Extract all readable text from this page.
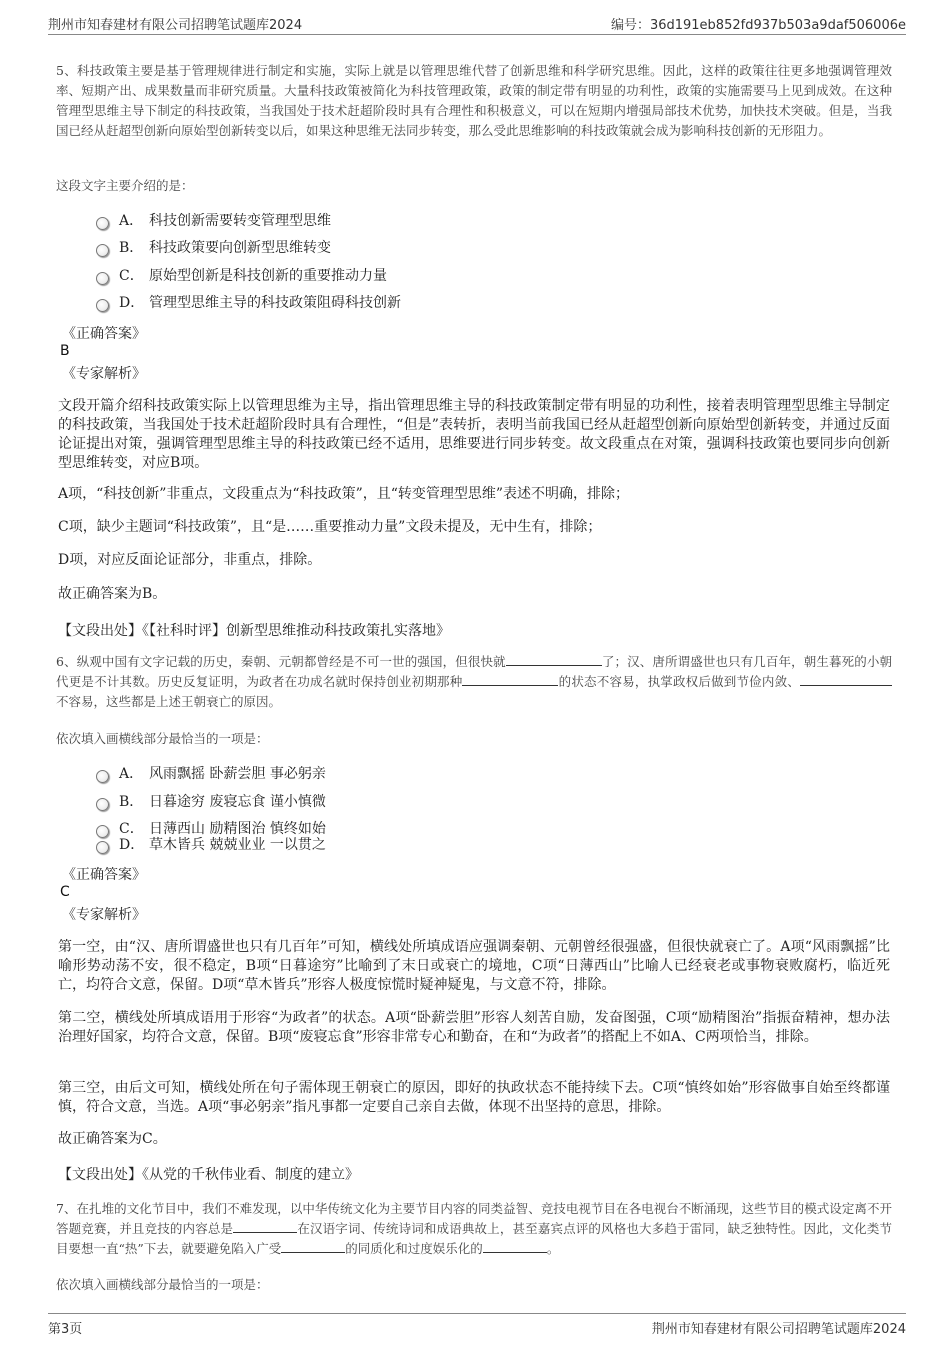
荆州市知春建材有限公司招聘笔试题库2024	编号：36d191eb852fd937b503a9daf506006e
5、科技政策主要是基于管理规律进行制定和实施，实际上就是以管理思维代替了创新思维和科学研究思维。因此，这样的政策往往更多地强调管理效率、短期产出、成果数量而非研究质量。大量科技政策被简化为科技管理政策，政策的制定带有明显的功利性，政策的实施需要马上见到成效。在这种管理型思维主导下制定的科技政策，当我国处于技术赶超阶段时具有合理性和积极意义，可以在短期内增强局部技术优势，加快技术突破。但是，当我国已经从赶超型创新向原始型创新转变以后，如果这种思维无法同步转变，那么受此思维影响的科技政策就会成为影响科技创新的无形阻力。
这段文字主要介绍的是：
A． 科技创新需要转变管理型思维
B． 科技政策要向创新型思维转变
C． 原始型创新是科技创新的重要推动力量
D． 管理型思维主导的科技政策阻碍科技创新
《正确答案》
B
《专家解析》
文段开篇介绍科技政策实际上以管理思维为主导，指出管理思维主导的科技政策制定带有明显的功利性，接着表明管理型思维主导制定的科技政策，当我国处于技术赶超阶段时具有合理性，“但是”表转折，表明当前我国已经从赶超型创新向原始型创新转变，并通过反面论证提出对策，强调管理型思维主导的科技政策已经不适用，思维要进行同步转变。故文段重点在对策，强调科技政策也要同步向创新型思维转变，对应B项。
A项，“科技创新”非重点，文段重点为“科技政策”，且“转变管理型思维”表述不明确，排除；
C项，缺少主题词“科技政策”，且“是……重要推动力量”文段未提及，无中生有，排除；
D项，对应反面论证部分，非重点，排除。
故正确答案为B。
【文段出处】《【社科时评】创新型思维推动科技政策扎实落地》
6、纵观中国有文字记载的历史，秦朝、元朝都曾经是不可一世的强国，但很快就	了；汉、唐所谓盛世也只有几百年，朝生暮死的小朝代更是不计其数。历史反复证明，为政者在功成名就时保持创业初期那种	的状态不容易，执掌政权后做到节俭内敛、不容易，这些都是上述王朝衰亡的原因。
依次填入画横线部分最恰当的一项是：
A． 风雨飘摇 卧薪尝胆 事必躬亲
B． 日暮途穷 废寝忘食 谨小慎微
C． 日薄西山 励精图治 慎终如始
D． 草木皆兵 兢兢业业 一以贯之
《正确答案》
C
《专家解析》
第一空，由“汉、唐所谓盛世也只有几百年”可知，横线处所填成语应强调秦朝、元朝曾经很强盛，但很快就衰亡了。A项“风雨飘摇”比喻形势动荡不安，很不稳定，B项“日暮途穷”比喻到了末日或衰亡的境地，C项“日薄西山”比喻人已经衰老或事物衰败腐朽，临近死亡，均符合文意，保留。D项“草木皆兵”形容人极度惊慌时疑神疑鬼，与文意不符，排除。
第二空，横线处所填成语用于形容“为政者”的状态。A项“卧薪尝胆”形容人刻苦自励，发奋图强，C项“励精图治”指振奋精神，想办法治理好国家，均符合文意，保留。B项“废寝忘食”形容非常专心和勤奋，在和“为政者”的搭配上不如A、C两项恰当，排除。
第三空，由后文可知，横线处所在句子需体现王朝衰亡的原因，即好的执政状态不能持续下去。C项“慎终如始”形容做事自始至终都谨慎，符合文意，当选。A项“事必躬亲”指凡事都一定要自己亲自去做，体现不出坚持的意思，排除。
故正确答案为C。
【文段出处】《从党的千秋伟业看、制度的建立》
7、在扎堆的文化节目中，我们不难发现，以中华传统文化为主要节目内容的同类益智、竞技电视节目在各电视台不断涌现，这些节目的模式设定离不开答题竞赛，并且竞技的内容总是	在汉语字词、传统诗词和成语典故上，甚至嘉宾点评的风格也大多趋于雷同，缺乏独特性。因此，文化类节目要想一直“热”下去，就要避免陷入广受	的同质化和过度娱乐化的	。
依次填入画横线部分最恰当的一项是：
第3页	荆州市知春建材有限公司招聘笔试题库2024
